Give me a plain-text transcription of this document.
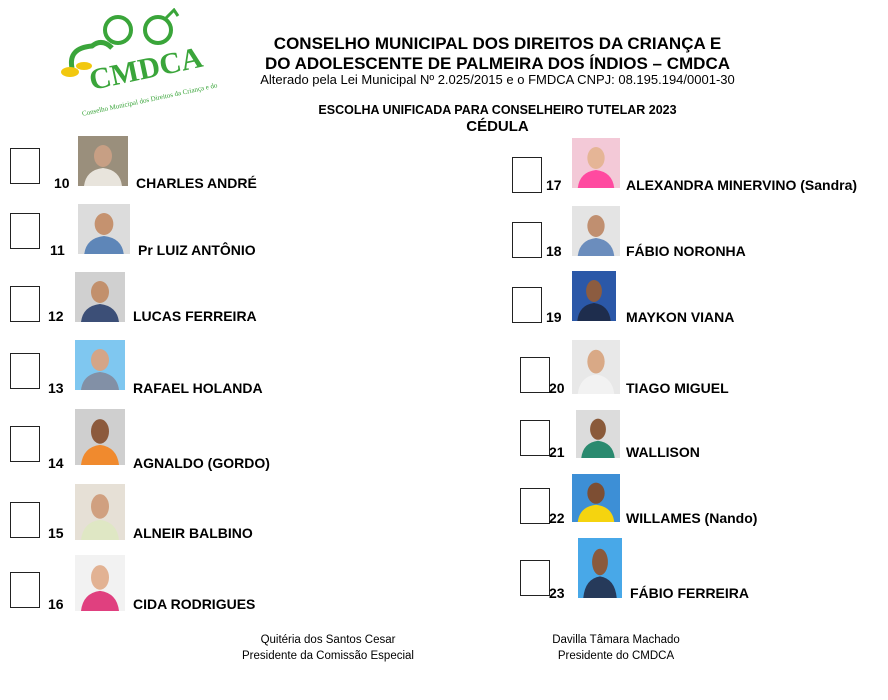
CMDCA
Conselho Municipal dos Direitos da Criança e do
CONSELHO MUNICIPAL DOS DIREITOS DA CRIANÇA E
DO ADOLESCENTE DE PALMEIRA DOS ÍNDIOS – CMDCA
Alterado pela Lei Municipal Nº 2.025/2015 e o FMDCA CNPJ: 08.195.194/0001-30
ESCOLHA UNIFICADA PARA CONSELHEIRO TUTELAR 2023
CÉDULA
10	CHARLES ANDRÉ
11	Pr LUIZ ANTÔNIO
12	LUCAS FERREIRA
13	RAFAEL HOLANDA
14	AGNALDO (GORDO)
15	ALNEIR BALBINO
16	CIDA RODRIGUES
17	ALEXANDRA MINERVINO (Sandra)
18	FÁBIO NORONHA
19	MAYKON VIANA
20	TIAGO MIGUEL
21	WALLISON
22	WILLAMES (Nando)
23	FÁBIO FERREIRA
Quitéria dos Santos Cesar
Presidente da Comissão Especial
Davilla Tâmara Machado
Presidente do CMDCA
